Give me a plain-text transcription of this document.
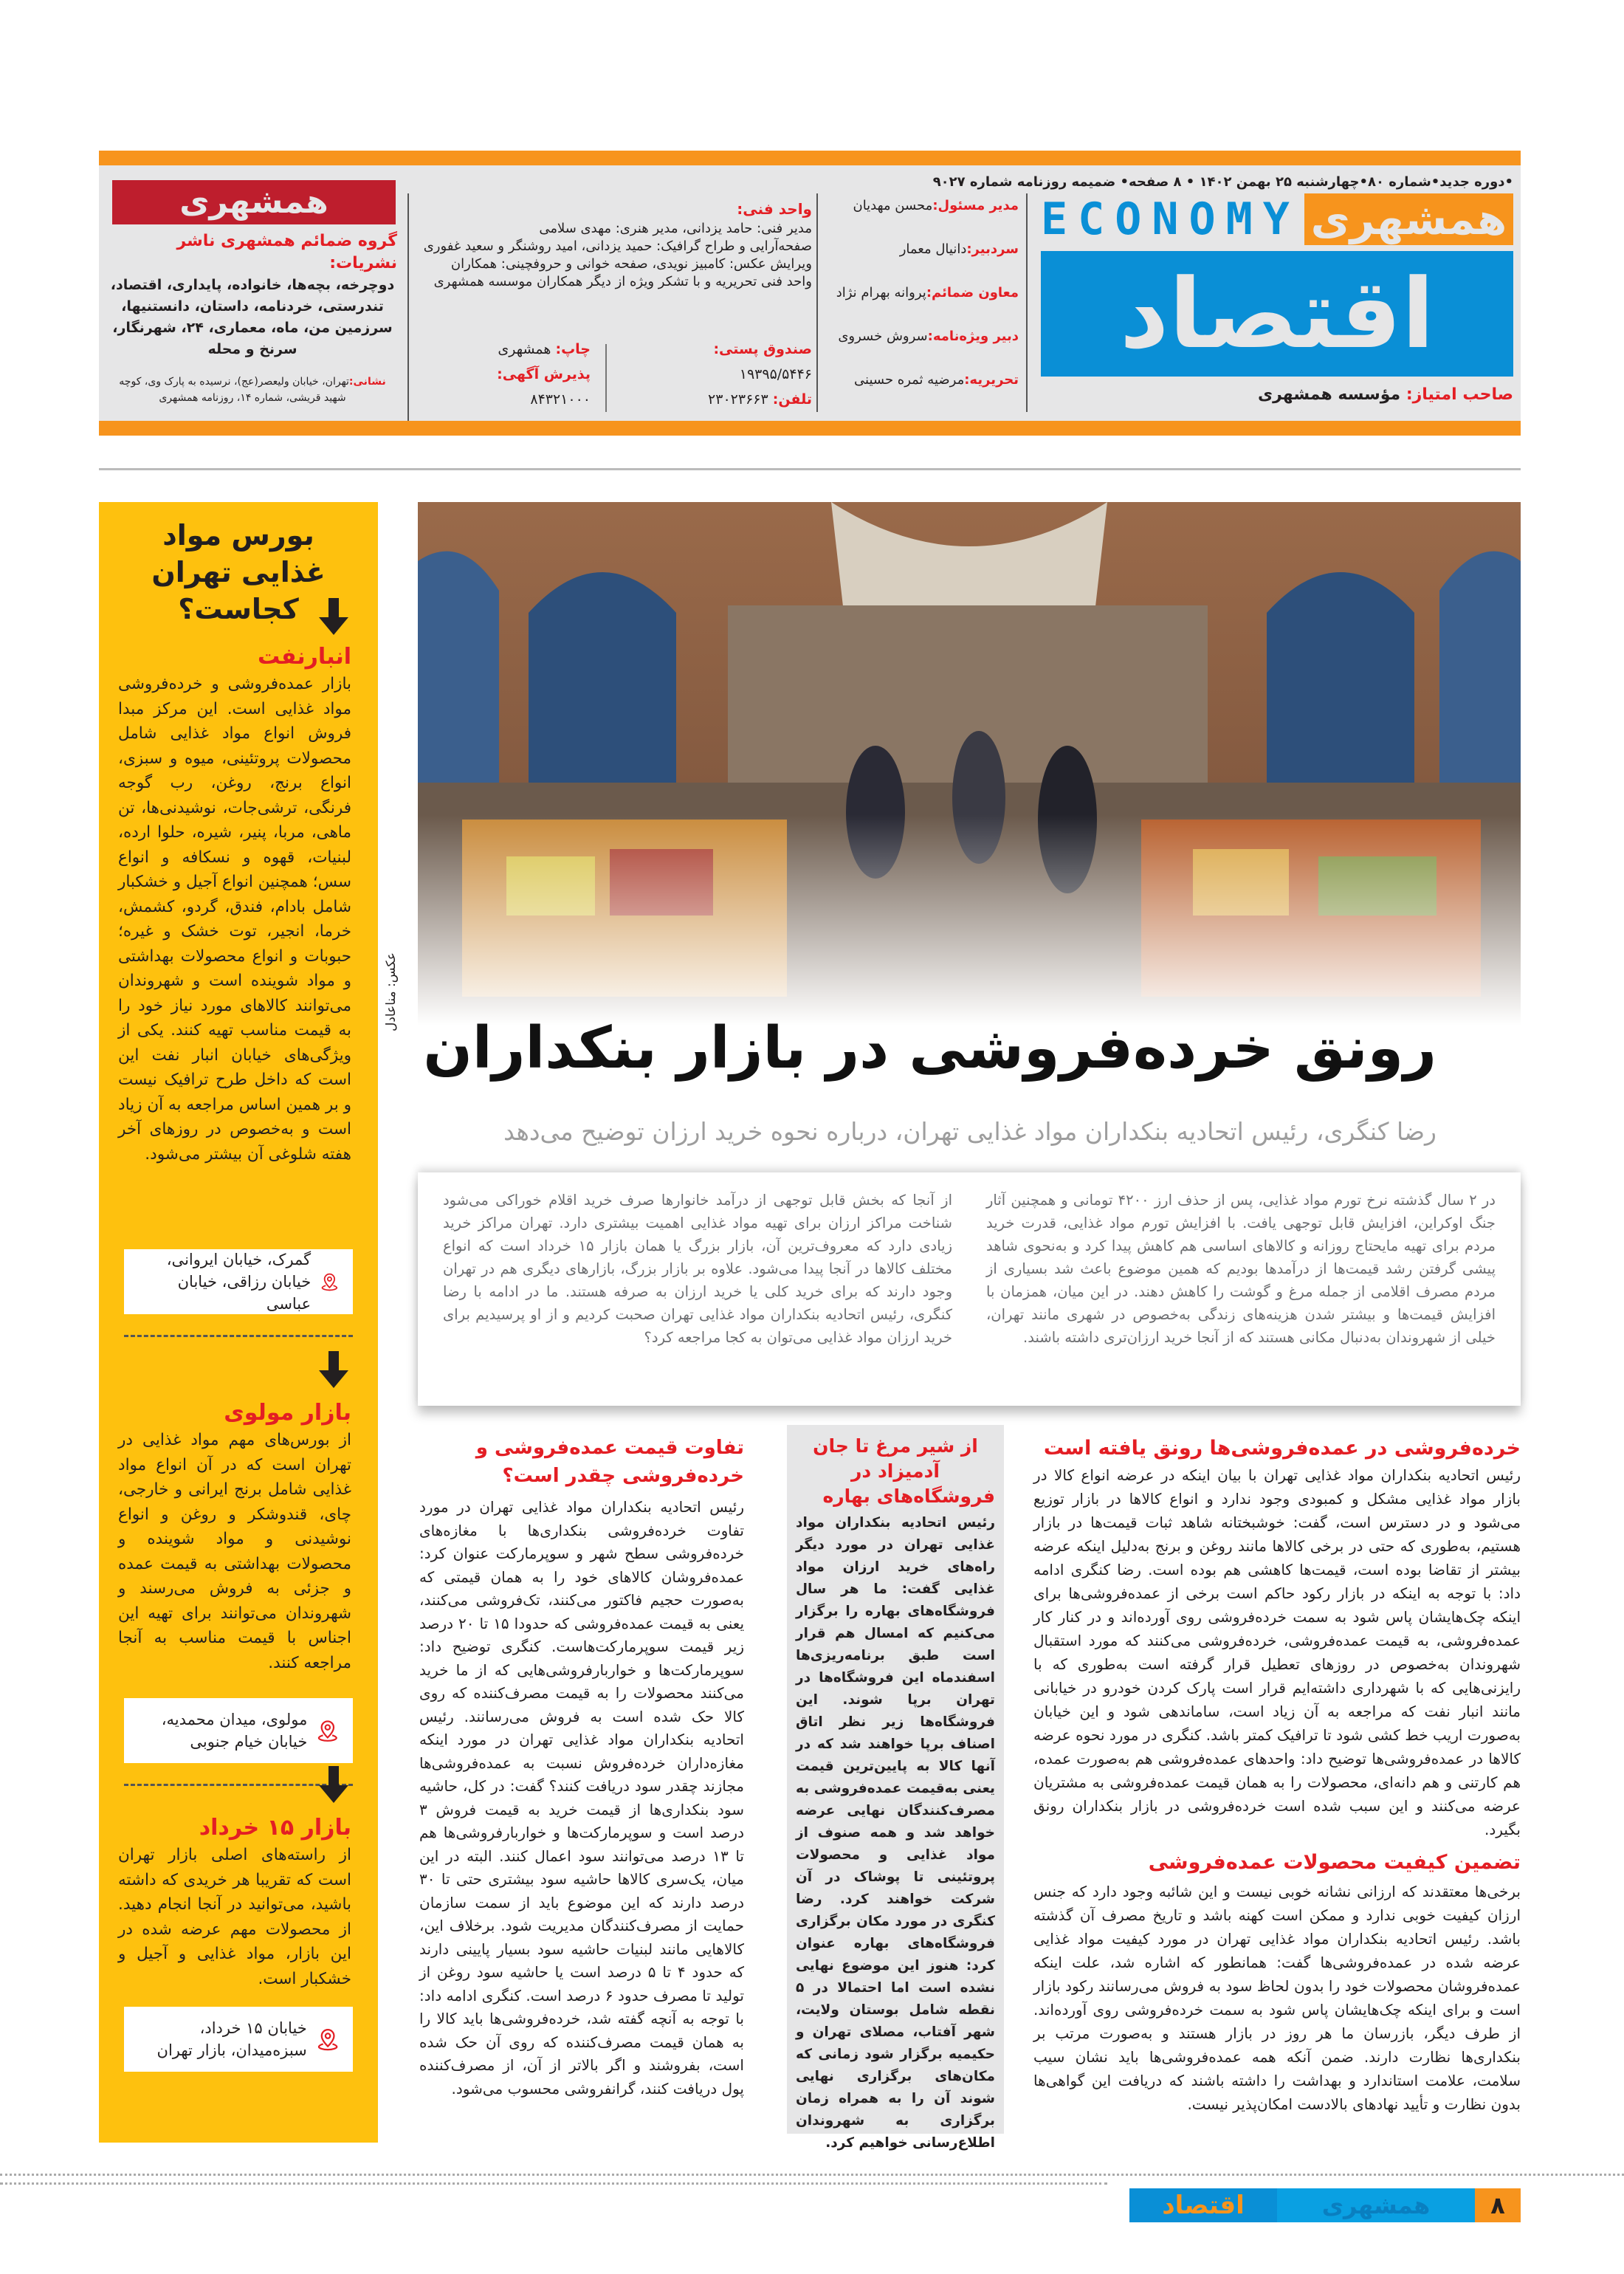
•دوره جدید•شماره ۸۰•چهارشنبه ۲۵ بهمن ۱۴۰۲ • ۸ صفحه• ضمیمه روزنامه شماره ۹۰۲۷
ECONOMY همشهری
اقتصاد
صاحب امتیاز: مؤسسه همشهری
مدیر مسئول:محسن مهدیان
سردبیر:دانیال معمار
معاون ضمائم:پروانه بهرام نژاد
دبیر ویژه‌نامه:سروش خسروی
تحریریه:مرضیه ثمره حسینی
واحد فنی:
مدیر فنی: حامد یزدانی، مدیر هنری: مهدی سلامی
صفحه‌آرایی و طراح گرافیک: حمید یزدانی، امید روشنگر و سعید غفوری
ویرایش عکس: کامبیز نویدی، صفحه خوانی و حروفچینی: همکاران
واحد فنی تحریریه و با تشکر ویژه از دیگر همکاران موسسه همشهری
صندوق پستی:
۱۹۳۹۵/۵۴۴۶
تلفن: ۲۳۰۲۳۶۶۳
چاپ: همشهری
پذیرش آگهی:
۸۴۳۲۱۰۰۰
همشهری
گروه ضمائم همشهری ناشر نشریات:
دوچرخه، بچه‌ها، خانواده، پایداری، اقتصاد، تندرستی، خردنامه، داستان، دانستنیها، سرزمین من، ماه، معماری، ۲۴، شهرنگار، سرنخ و محله
نشانی:تهران، خیابان ولیعصر(عج)، نرسیده به پارک وی، کوچه شهید قریشی، شماره ۱۴، روزنامه همشهری
بورس مواد غذایی تهران کجاست؟
انبارنفت
بازار عمده‌فروشی و خرده‌فروشی مواد غذایی است. این مرکز مبدا فروش انواع مواد غذایی شامل محصولات پروتئینی، میوه و سبزی، انواع برنج، روغن، رب گوجه فرنگی، ترشی‌جات، نوشیدنی‌ها، تن ماهی، مربا، پنیر، شیره، حلوا ارده، لبنیات، قهوه و نسکافه و انواع سس؛ همچنین انواع آجیل و خشکبار شامل بادام، فندق، گردو، کشمش، خرما، انجیر، توت خشک و غیره؛ حبوبات و انواع محصولات بهداشتی و مواد شوینده است و شهروندان می‌توانند کالاهای مورد نیاز خود را به قیمت مناسب تهیه کنند. یکی از ویژگی‌های خیابان انبار نفت این است که داخل طرح ترافیک نیست و بر همین اساس مراجعه به آن زیاد است و به‌خصوص در روزهای آخر هفته شلوغی آن بیشتر می‌شود.
گمرک، خیابان ایروانی، خیابان رزاقی، خیابان عباسی
بازار مولوی
از بورس‌های مهم مواد غذایی در تهران است که در آن انواع مواد غذایی شامل برنج ایرانی و خارجی، چای، قندوشکر و روغن و انواع نوشیدنی و مواد شوینده و محصولات بهداشتی به قیمت عمده و جزئی به فروش می‌رسند و شهروندان می‌توانند برای تهیه این اجناس با قیمت مناسب به آنجا مراجعه کنند.
مولوی، میدان محمدیه، خیابان خیام جنوبی
بازار ۱۵ خرداد
از راسته‌های اصلی بازار تهران است که تقریبا هر خریدی که داشته باشید، می‌توانید در آنجا انجام دهید. از محصولات مهم عرضه شده در این بازار، مواد غذایی و آجیل و خشکبار است.
خیابان ۱۵ خرداد، سبزه‌میدان، بازار تهران
عکس: مناعادل
رونق خرده‌فروشی در بازار بنکداران
رضا کنگری، رئیس اتحادیه بنکداران مواد غذایی تهران، درباره نحوه خرید ارزان توضیح می‌دهد
در ۲ سال گذشته نرخ تورم مواد غذایی، پس از حذف ارز ۴۲۰۰ تومانی و همچنین آثار جنگ اوکراین، افزایش قابل توجهی یافت. با افزایش تورم مواد غذایی، قدرت خرید مردم برای تهیه مایحتاج روزانه و کالاهای اساسی هم کاهش پیدا کرد و به‌نحوی شاهد پیشی گرفتن رشد قیمت‌ها از درآمدها بودیم که همین موضوع باعث شد بسیاری از مردم مصرف اقلامی از جمله مرغ و گوشت را کاهش دهند. در این میان، همزمان با افزایش قیمت‌ها و بیشتر شدن هزینه‌های زندگی به‌خصوص در شهری مانند تهران، خیلی از شهروندان به‌دنبال مکانی هستند که از آنجا خرید ارزان‌تری داشته باشند.
از آنجا که بخش قابل توجهی از درآمد خانوارها صرف خرید اقلام خوراکی می‌شود شناخت مراکز ارزان برای تهیه مواد غذایی اهمیت بیشتری دارد. تهران مراکز خرید زیادی دارد که معروف‌ترین آن، بازار بزرگ یا همان بازار ۱۵ خرداد است که انواع مختلف کالاها در آنجا پیدا می‌شود. علاوه بر بازار بزرگ، بازارهای دیگری هم در تهران وجود دارند که برای خرید کلی یا خرید ارزان به صرفه هستند. ما در ادامه با رضا کنگری، رئیس اتحادیه بنکداران مواد غذایی تهران صحبت کردیم و از او پرسیدیم برای خرید ارزان مواد غذایی می‌توان به کجا مراجعه کرد؟
خرده‌فروشی در عمده‌فروشی‌ها رونق یافته است
رئیس اتحادیه بنکداران مواد غذایی تهران با بیان اینکه در عرضه انواع کالا در بازار مواد غذایی مشکل و کمبودی وجود ندارد و انواع کالاها در بازار توزیع می‌شود و در دسترس است، گفت: خوشبختانه شاهد ثبات قیمت‌ها در بازار هستیم، به‌طوری که حتی در برخی کالاها مانند روغن و برنج به‌دلیل اینکه عرضه بیشتر از تقاضا بوده است، قیمت‌ها کاهشی هم بوده است. رضا کنگری ادامه داد: با توجه به اینکه در بازار رکود حاکم است برخی از عمده‌فروشی‌ها برای اینکه چک‌هایشان پاس شود به سمت خرده‌فروشی روی آورده‌اند و در کنار کار عمده‌فروشی، به قیمت عمده‌فروشی، خرده‌فروشی می‌کنند که مورد استقبال شهروندان به‌خصوص در روزهای تعطیل قرار گرفته است به‌طوری که با رایزنی‌هایی که با شهرداری داشته‌ایم قرار است پارک کردن خودرو در خیابانی مانند انبار نفت که مراجعه به آن زیاد است، ساماندهی شود و این خیابان به‌صورت اریب خط کشی شود تا ترافیک کمتر باشد. کنگری در مورد نحوه عرضه کالاها در عمده‌فروشی‌ها توضیح داد: واحدهای عمده‌فروشی هم به‌صورت عمده، هم کارتنی و هم دانه‌ای، محصولات را به همان قیمت عمده‌فروشی به مشتریان عرضه می‌کنند و این سبب شده است خرده‌فروشی در بازار بنکداران رونق بگیرد.
تضمین کیفیت محصولات عمده‌فروشی
برخی‌ها معتقدند که ارزانی نشانه خوبی نیست و این شائبه وجود دارد که جنس ارزان کیفیت خوبی ندارد و ممکن است کهنه باشد و تاریخ مصرف آن گذشته باشد. رئیس اتحادیه بنکداران مواد غذایی تهران در مورد کیفیت مواد غذایی عرضه شده در عمده‌فروشی‌ها گفت: همانطور که اشاره شد، علت اینکه عمده‌فروشان محصولات خود را بدون لحاظ سود به فروش می‌رسانند رکود بازار است و برای اینکه چک‌هایشان پاس شود به سمت خرده‌فروشی روی آورده‌اند. از طرف دیگر، بازرسان ما هر روز در بازار هستند و به‌صورت مرتب بر بنکداری‌ها نظارت دارند. ضمن آنکه همه عمده‌فروشی‌ها باید نشان سیب سلامت، علامت استاندارد و بهداشت را داشته باشند که دریافت این گواهی‌ها بدون نظارت و تأیید نهادهای بالادست امکان‌پذیر نیست.
از شیر مرغ تا جان آدمیزاد در فروشگاه‌های بهاره
رئیس اتحادیه بنکداران مواد غذایی تهران در مورد دیگر راه‌های خرید ارزان مواد غذایی گفت: ما هر سال فروشگاه‌های بهاره را برگزار می‌کنیم که امسال هم قرار است طبق برنامه‌ریزی‌ها اسفندماه این فروشگاه‌ها در تهران برپا شوند. این فروشگاه‌ها زیر نظر اتاق اصناف برپا خواهند شد که در آنها کالا به پایین‌ترین قیمت یعنی به‌قیمت عمده‌فروشی به مصرف‌کنندگان نهایی عرضه خواهد شد و همه صنوف از مواد غذایی و محصولات پروتئینی تا پوشاک در آن شرکت خواهند کرد. رضا کنگری در مورد مکان برگزاری فروشگاه‌های بهاره عنوان کرد: هنوز این موضوع نهایی نشده است اما احتمالا در ۵ نقطه شامل بوستان ولایت، شهر آفتاب، مصلای تهران و حکیمیه برگزار شود زمانی که مکان‌های برگزاری نهایی شوند آن را به همراه زمان برگزاری به شهروندان اطلاع‌رسانی خواهیم کرد.
تفاوت قیمت عمده‌فروشی و خرده‌فروشی چقدر است؟
رئیس اتحادیه بنکداران مواد غذایی تهران در مورد تفاوت خرده‌فروشی بنکداری‌ها با مغازه‌های خرده‌فروشی سطح شهر و سوپرمارکت عنوان کرد: عمده‌فروشان کالاهای خود را به همان قیمتی که به‌صورت حجیم فاکتور می‌کنند، تک‌فروشی می‌کنند، یعنی به قیمت عمده‌فروشی که حدودا ۱۵ تا ۲۰ درصد زیر قیمت سوپرمارکت‌هاست. کنگری توضیح داد: سوپرمارکت‌ها و خواربارفروشی‌هایی که از ما خرید می‌کنند محصولات را به قیمت مصرف‌کننده که روی کالا حک شده است به فروش می‌رسانند. رئیس اتحادیه بنکداران مواد غذایی تهران در مورد اینکه مغازه‌داران خرده‌فروش نسبت به عمده‌فروشی‌ها مجازند چقدر سود دریافت کنند؟ گفت: در کل، حاشیه سود بنکداری‌ها از قیمت خرید به قیمت فروش ۳ درصد است و سوپرمارکت‌ها و خواربارفروشی‌ها هم تا ۱۳ درصد می‌توانند سود اعمال کنند. البته در این میان، یک‌سری کالاها حاشیه سود بیشتری حتی تا ۳۰ درصد دارند که این موضوع باید از سمت سازمان حمایت از مصرف‌کنندگان مدیریت شود. برخلاف این، کالاهایی مانند لبنیات حاشیه سود بسیار پایینی دارند که حدود ۴ تا ۵ درصد است یا حاشیه سود روغن از تولید تا مصرف حدود ۶ درصد است. کنگری ادامه داد: با توجه به آنچه گفته شد، خرده‌فروشی‌ها باید کالا را به همان قیمت مصرف‌کننده که روی آن حک شده است، بفروشند و اگر بالاتر از آن، از مصرف‌کننده پول دریافت کنند، گرانفروشی محسوب می‌شود.
اقتصاد	همشهری	۸
